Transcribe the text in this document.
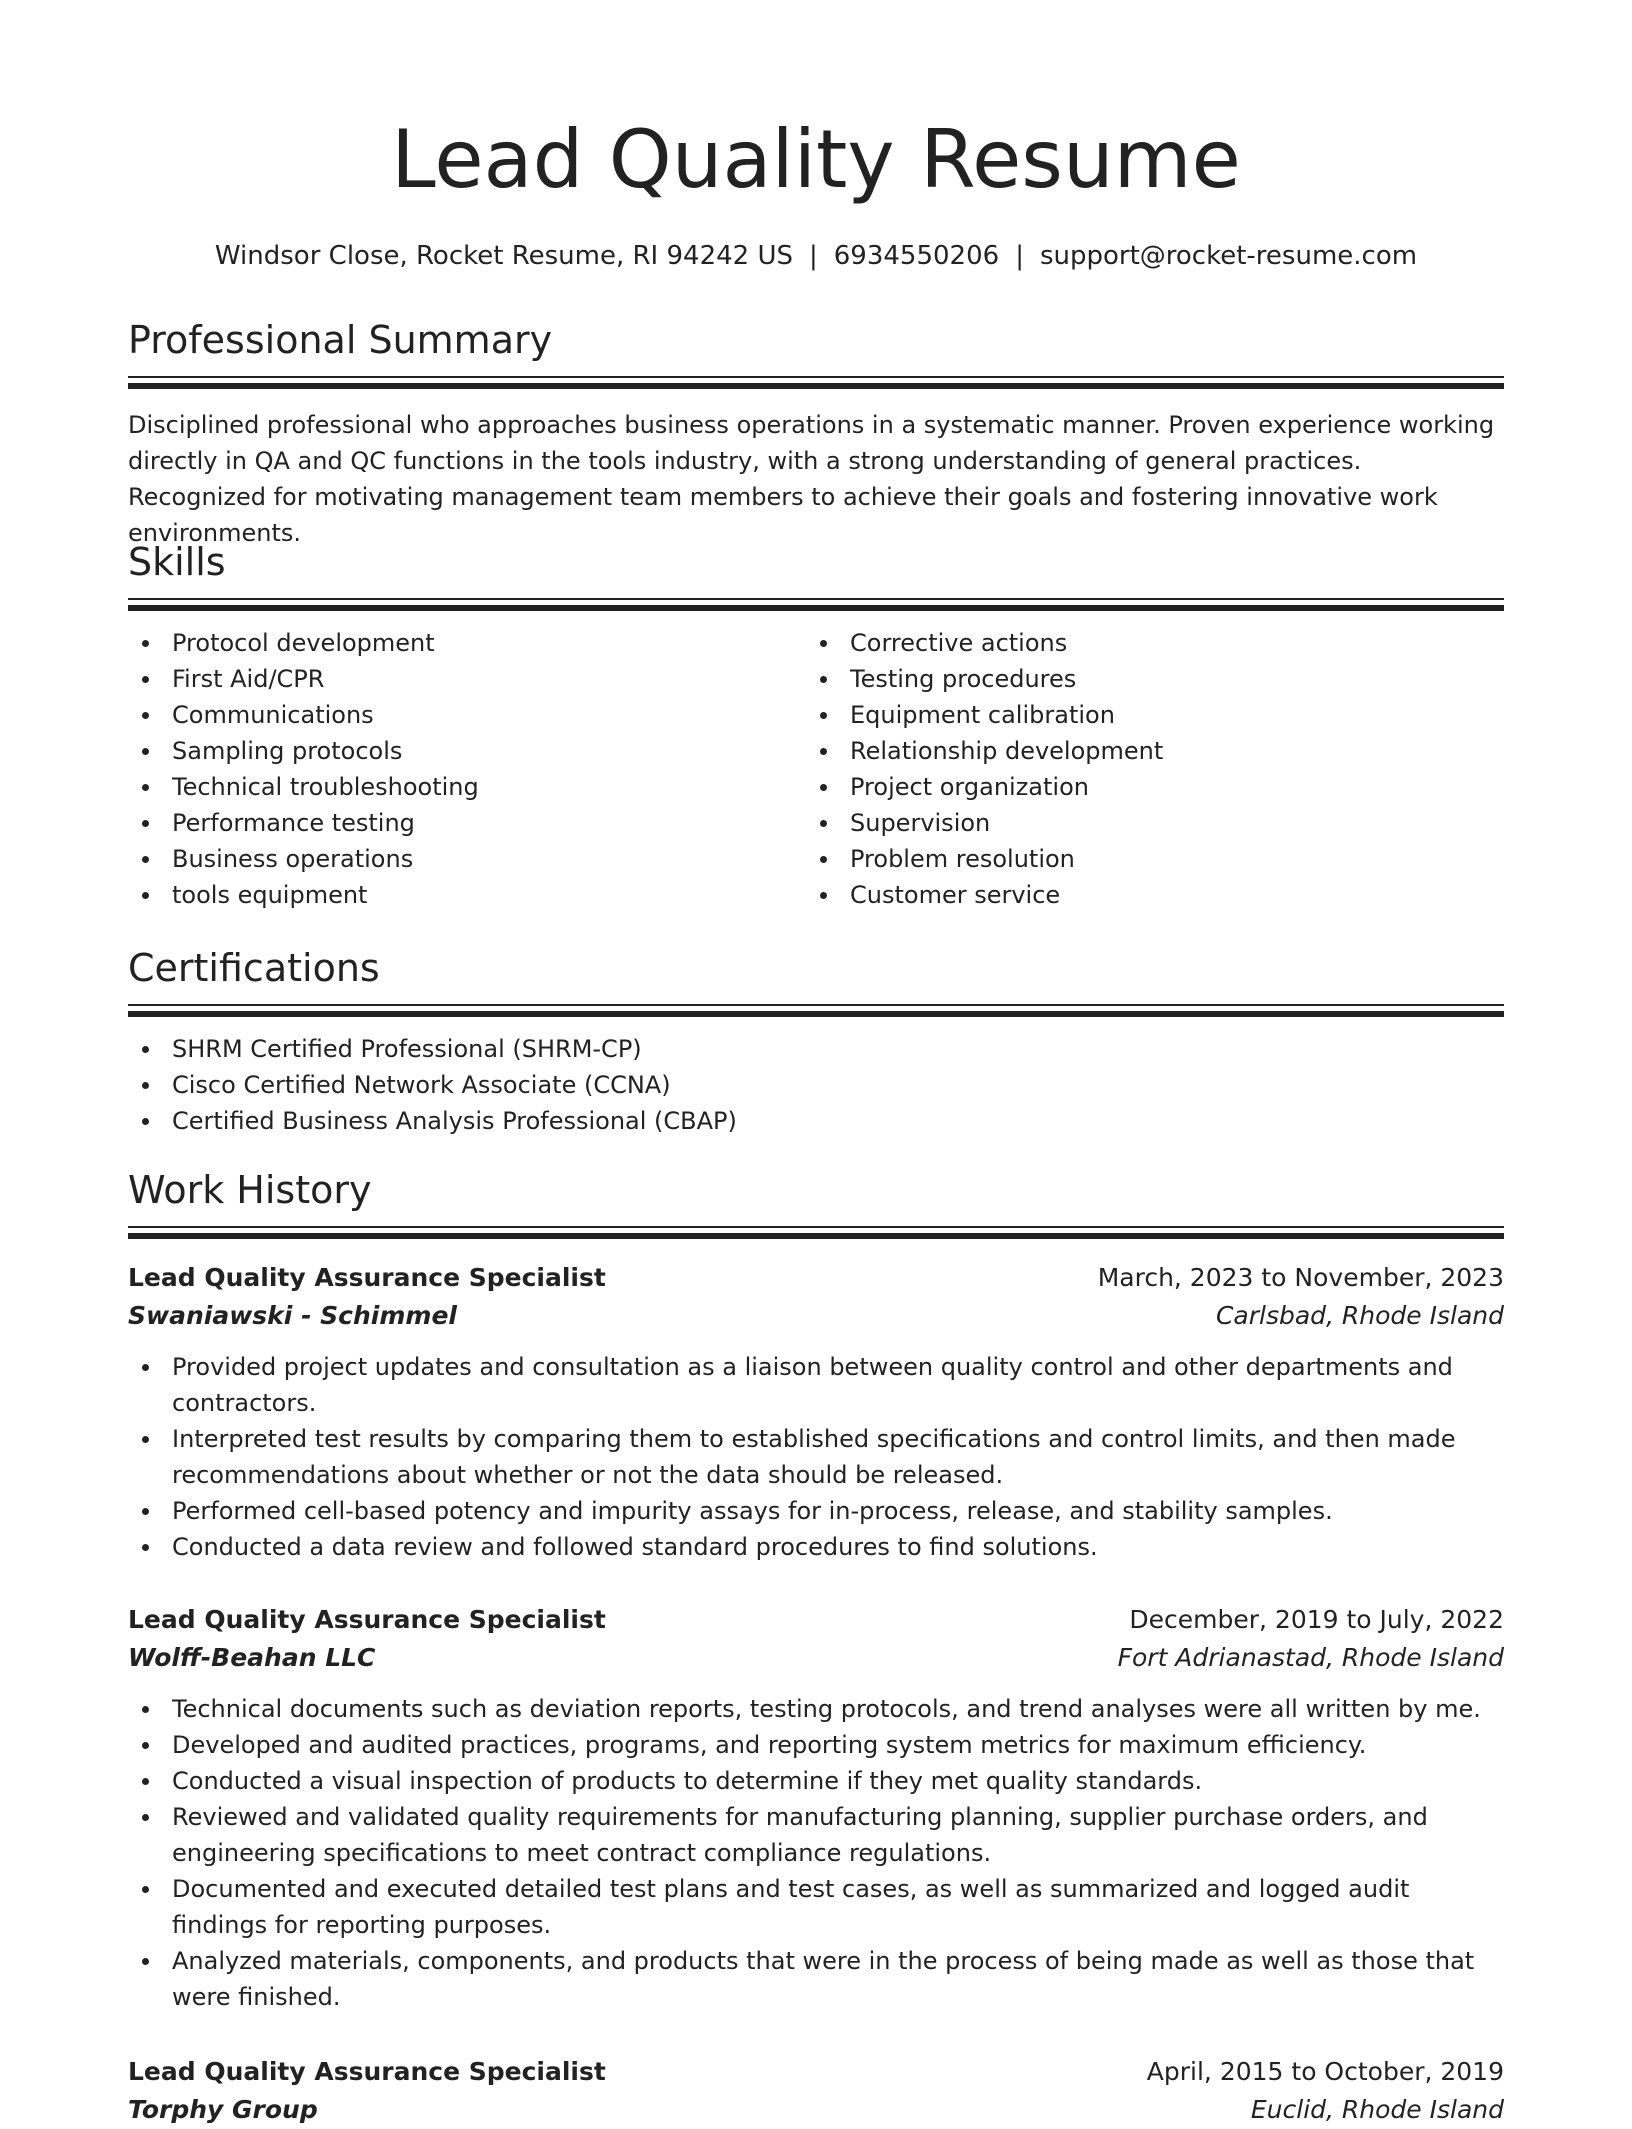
Lead Quality Resume
Windsor Close, Rocket Resume, RI 94242 US | 6934550206 | support@rocket-resume.com
Professional Summary

Disciplined professional who approaches business operations in a systematic manner. Proven experience working directly in QA and QC functions in the tools industry, with a strong understanding of general practices. Recognized for motivating management team members to achieve their goals and fostering innovative work environments.

Skills
Protocol development
First Aid/CPR
Communications
Sampling protocols
Technical troubleshooting
Performance testing
Business operations
tools equipment
Corrective actions
Testing procedures
Equipment calibration
Relationship development
Project organization
Supervision
Problem resolution
Customer service
Certifications
SHRM Certified Professional (SHRM-CP)
Cisco Certified Network Associate (CCNA)
Certified Business Analysis Professional (CBAP)
Work History
Lead Quality Assurance Specialist	March, 2023 to November, 2023
Swaniawski - Schimmel	Carlsbad, Rhode Island
Provided project updates and consultation as a liaison between quality control and other departments and contractors.
Interpreted test results by comparing them to established specifications and control limits, and then made recommendations about whether or not the data should be released.
Performed cell-based potency and impurity assays for in-process, release, and stability samples.
Conducted a data review and followed standard procedures to find solutions.
Lead Quality Assurance Specialist	December, 2019 to July, 2022
Wolff-Beahan LLC	Fort Adrianastad, Rhode Island
Technical documents such as deviation reports, testing protocols, and trend analyses were all written by me.
Developed and audited practices, programs, and reporting system metrics for maximum efficiency.
Conducted a visual inspection of products to determine if they met quality standards.
Reviewed and validated quality requirements for manufacturing planning, supplier purchase orders, and engineering specifications to meet contract compliance regulations.
Documented and executed detailed test plans and test cases, as well as summarized and logged audit findings for reporting purposes.
Analyzed materials, components, and products that were in the process of being made as well as those that were finished.
Lead Quality Assurance Specialist	April, 2015 to October, 2019
Torphy Group	Euclid, Rhode Island
